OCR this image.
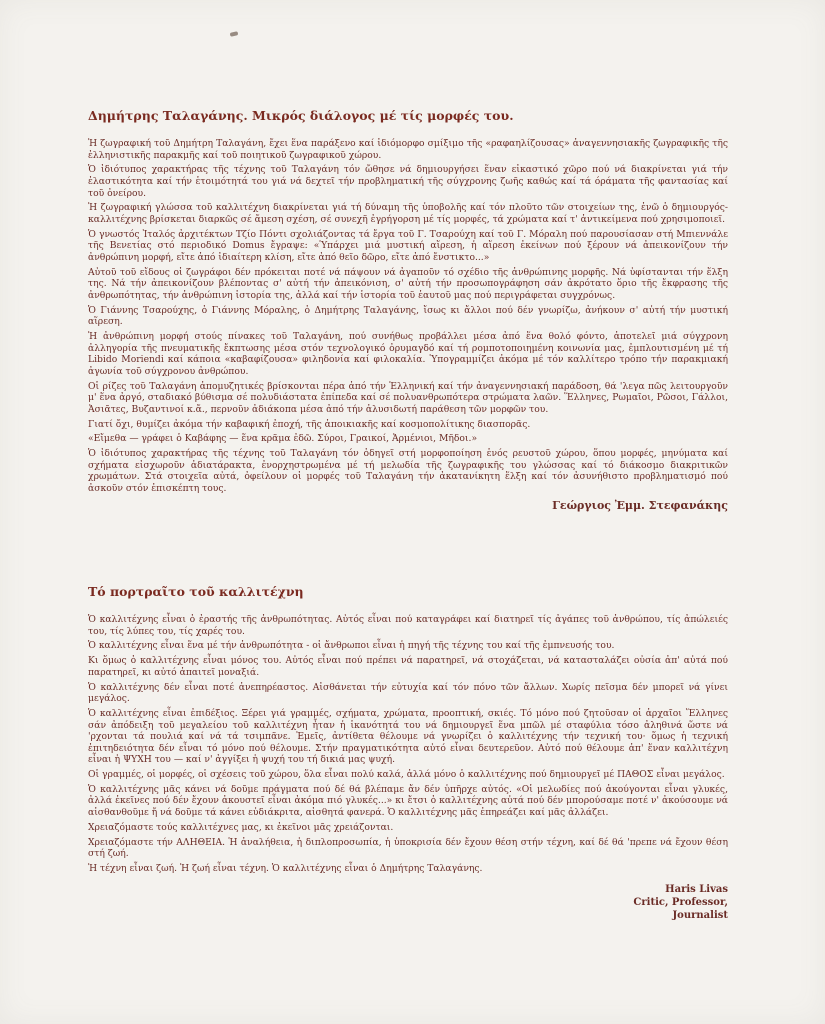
Δημήτρης Ταλαγάνης. Μικρός διάλογος μέ τίς μορφές του.

Ἡ ζωγραφική τοῦ Δημήτρη Ταλαγάνη, ἔχει ἕνα παράξενο καί ἰδιόμορφο σμίξιμο τῆς «ραφαηλίζουσας» ἀναγεννησιακῆς ζωγραφικῆς τῆς ἑλληνιστικῆς παρακμῆς καί τοῦ ποιητικοῦ ζωγραφικοῦ χώρου.

Ὁ ἰδιότυπος χαρακτήρας τῆς τέχνης τοῦ Ταλαγάνη τόν ὤθησε νά δημιουργήσει ἕναν εἰκαστικό χῶρο πού νά διακρίνεται γιά τήν ἐλαστικότητα καί τήν ἑτοιμότητά του γιά νά δεχτεῖ τήν προβληματική τῆς σύγχρονης ζωῆς καθώς καί τά όράματα τῆς φαντασίας καί τοῦ ὀνείρου.

Ἡ ζωγραφική γλώσσα τοῦ καλλιτέχνη διακρίνεται γιά τή δύναμη τῆς ὑποβολῆς καί τόν πλοῦτο τῶν στοιχείων της, ἐνῶ ὁ δημιουργός-καλλιτέχνης βρίσκεται διαρκῶς σέ ἄμεση σχέση, σέ συνεχῆ ἐγρήγορση μέ τίς μορφές, τά χρώματα καί τ' ἀντικείμενα πού χρησιμοποιεῖ.

Ὁ γνωστός Ἰταλός ἀρχιτέκτων Τζίο Πόντι σχολιάζοντας τά ἔργα τοῦ Γ. Τσαρούχη καί τοῦ Γ. Μόραλη πού παρουσίασαν στή Μπιεννάλε τῆς Βενετίας στό περιοδικό Domus ἔγραψε: «Ὑπάρχει μιά μυστική αἵρεση, ἡ αἵρεση ἐκείνων πού ξέρουν νά ἀπεικονίζουν τήν ἀνθρώπινη μορφή, εἴτε ἀπό ἰδιαίτερη κλίση, εἴτε ἀπό θεῖο δῶρο, εἴτε ἀπό ἔνστικτο...»

Αὐτοῦ τοῦ εἴδους οἱ ζωγράφοι δέν πρόκειται ποτέ νά πάψουν νά ἀγαποῦν τό σχέδιο τῆς ἀνθρώπινης μορφῆς. Νά ὑφίστανται τήν ἕλξη της. Νά τήν ἀπεικονίζουν βλέποντας σ' αὐτή τήν ἀπεικόνιση, σ' αὐτή τήν προσωπογράφηση σάν ἀκρότατο ὅριο τῆς ἔκφρασης τῆς ἀνθρωπότητας, τήν ἀνθρώπινη ἱστορία της, ἀλλά καί τήν ἱστορία τοῦ ἑαυτοῦ μας πού περιγράφεται συγχρόνως.

Ὁ Γιάννης Τσαρούχης, ὁ Γιάννης Μόραλης, ὁ Δημήτρης Ταλαγάνης, ἴσως κι ἄλλοι πού δέν γνωρίζω, ἀνήκουν σ' αὐτή τήν μυστική αἵρεση.

Ἡ ἀνθρώπινη μορφή στούς πίνακες τοῦ Ταλαγάνη, πού συνήθως προβάλλει μέσα ἀπό ἕνα θολό φόντο, ἀποτελεῖ μιά σύγχρονη ἀλληγορία τῆς πνευματικῆς ἔκπτωσης μέσα στόν τεχνολογικό ὀρυμαγδό καί τή ρομποτοποιημένη κοινωνία μας, ἐμπλουτισμένη μέ τή Libido Moriendi καί κάποια «καβαφίζουσα» φιληδονία καί φιλοκαλία. Ὑπογραμμίζει ἀκόμα μέ τόν καλλίτερο τρόπο τήν παρακμιακή ἀγωνία τοῦ σύγχρονου ἀνθρώπου.

Οἱ ρίζες τοῦ Ταλαγάνη ἀπομυζητικές βρίσκονται πέρα ἀπό τήν Ἑλληνική καί τήν ἀναγεννησιακή παράδοση, θά 'λεγα πῶς λειτουργοῦν μ' ἕνα ἀργό, σταδιακό βύθισμα σέ πολυδιάστατα ἐπίπεδα καί σέ πολυανθρωπότερα στρώματα λαῶν. Ἕλληνες, Ρωμαῖοι, Ρῶσοι, Γάλλοι, Ἀσιᾶτες, Βυζαντινοί κ.ἄ., περνοῦν ἀδιάκοπα μέσα ἀπό τήν ἀλυσιδωτή παράθεση τῶν μορφῶν του.

Γιατί ὄχι, θυμίζει ἀκόμα τήν καβαφική ἐποχή, τῆς ἀποικιακῆς καί κοσμοπολίτικης διασπορᾶς.

«Εἴμεθα — γράφει ὁ Καβάφης — ἕνα κρᾶμα ἐδῶ. Σύροι, Γραικοί, Ἀρμένιοι, Μῆδοι.»

Ὁ ἰδιότυπος χαρακτήρας τῆς τέχνης τοῦ Ταλαγάνη τόν ὁδηγεῖ στή μορφοποίηση ἑνός ρευστοῦ χώρου, ὅπου μορφές, μηνύματα καί σχήματα εἰσχωροῦν ἀδιατάρακτα, ἐνορχηστρωμένα μέ τή μελωδία τῆς ζωγραφικῆς του γλώσσας καί τό διάκοσμο διακριτικῶν χρωμάτων. Στά στοιχεῖα αὐτά, ὀφείλουν οἱ μορφές τοῦ Ταλαγάνη τήν ἀκατανίκητη ἕλξη καί τόν ἀσυνήθιστο προβληματισμό πού ἀσκοῦν στόν ἐπισκέπτη τους.

Γεώργιος Ἐμμ. Στεφανάκης
Τό πορτραῖτο τοῦ καλλιτέχνη

Ὁ καλλιτέχνης εἶναι ὁ ἐραστής τῆς ἀνθρωπότητας. Αὐτός εἶναι πού καταγράφει καί διατηρεῖ τίς ἀγάπες τοῦ ἀνθρώπου, τίς ἀπώλειές του, τίς λύπες του, τίς χαρές του.

Ὁ καλλιτέχνης εἶναι ἕνα μέ τήν ἀνθρωπότητα - οἱ ἄνθρωποι εἶναι ἡ πηγή τῆς τέχνης του καί τῆς ἐμπνευσής του.

Κι ὅμως ὁ καλλιτέχνης εἶναι μόνος του. Αὐτός εἶναι πού πρέπει νά παρατηρεῖ, νά στοχάζεται, νά κατασταλάζει οὐσία ἀπ' αὐτά πού παρατηρεῖ, κι αὐτό ἀπαιτεῖ μοναξιά.

Ὁ καλλιτέχνης δέν εἶναι ποτέ ἀνεπηρέαστος. Αἰσθάνεται τήν εὐτυχία καί τόν πόνο τῶν ἄλλων. Χωρίς πεῖσμα δέν μπορεῖ νά γίνει μεγάλος.

Ὁ καλλιτέχνης εἶναι ἐπιδέξιος. Ξέρει γιά γραμμές, σχήματα, χρώματα, προοπτική, σκιές. Τό μόνο πού ζητοῦσαν οἱ ἀρχαῖοι Ἕλληνες σάν ἀπόδειξη τοῦ μεγαλείου τοῦ καλλιτέχνη ἦταν ἡ ἱκανότητά του νά δημιουργεῖ ἕνα μπῶλ μέ σταφύλια τόσο ἀληθινά ὥστε νά 'ρχονται τά πουλιά καί νά τά τσιμπᾶνε. Ἐμεῖς, ἀντίθετα θέλουμε νά γνωρίζει ὁ καλλιτέχνης τήν τεχνική του· ὅμως ἡ τεχνική ἐπιτηδειότητα δέν εἶναι τό μόνο πού θέλουμε. Στήν πραγματικότητα αὐτό εἶναι δευτερεῦον. Αὐτό πού θέλουμε ἀπ' ἕναν καλλιτέχνη εἶναι ἡ ΨΥΧΗ του — καί ν' ἀγγίξει ἡ ψυχή του τή δικιά μας ψυχή.

Οἱ γραμμές, οἱ μορφές, οἱ σχέσεις τοῦ χώρου, ὅλα εἶναι πολύ καλά, ἀλλά μόνο ὁ καλλιτέχνης πού δημιουργεῖ μέ ΠΑΘΟΣ εἶναι μεγάλος.

Ὁ καλλιτέχνης μᾶς κάνει νά δοῦμε πράγματα πού δέ θά βλέπαμε ἄν δέν ὑπῆρχε αὐτός. «Οἱ μελωδίες πού ἀκούγονται εἶναι γλυκές, ἀλλά ἐκεῖνες πού δέν ἔχουν ἀκουστεῖ εἶναι ἀκόμα πιό γλυκές...» κι ἔτσι ὁ καλλιτέχνης αὐτά πού δέν μπορούσαμε ποτέ ν' ἀκούσουμε νά αἰσθανθοῦμε ἤ νά δοῦμε τά κάνει εὐδιάκριτα, αἰσθητά φανερά. Ὁ καλλιτέχνης μᾶς ἐπηρεάζει καί μᾶς ἀλλάζει.

Χρειαζόμαστε τούς καλλιτέχνες μας, κι ἐκεῖνοι μᾶς χρειάζονται.

Χρειαζόμαστε τήν ΑΛΗΘΕΙΑ. Ἡ ἀναλήθεια, ἡ διπλοπροσωπία, ἡ ὑποκρισία δέν ἔχουν θέση στήν τέχνη, καί δέ θά 'πρεπε νά ἔχουν θέση στή ζωή.

Ἡ τέχνη εἶναι ζωή. Ἡ ζωή εἶναι τέχνη. Ὁ καλλιτέχνης εἶναι ὁ Δημήτρης Ταλαγάνης.

Haris Livas
Critic, Professor,
Journalist
